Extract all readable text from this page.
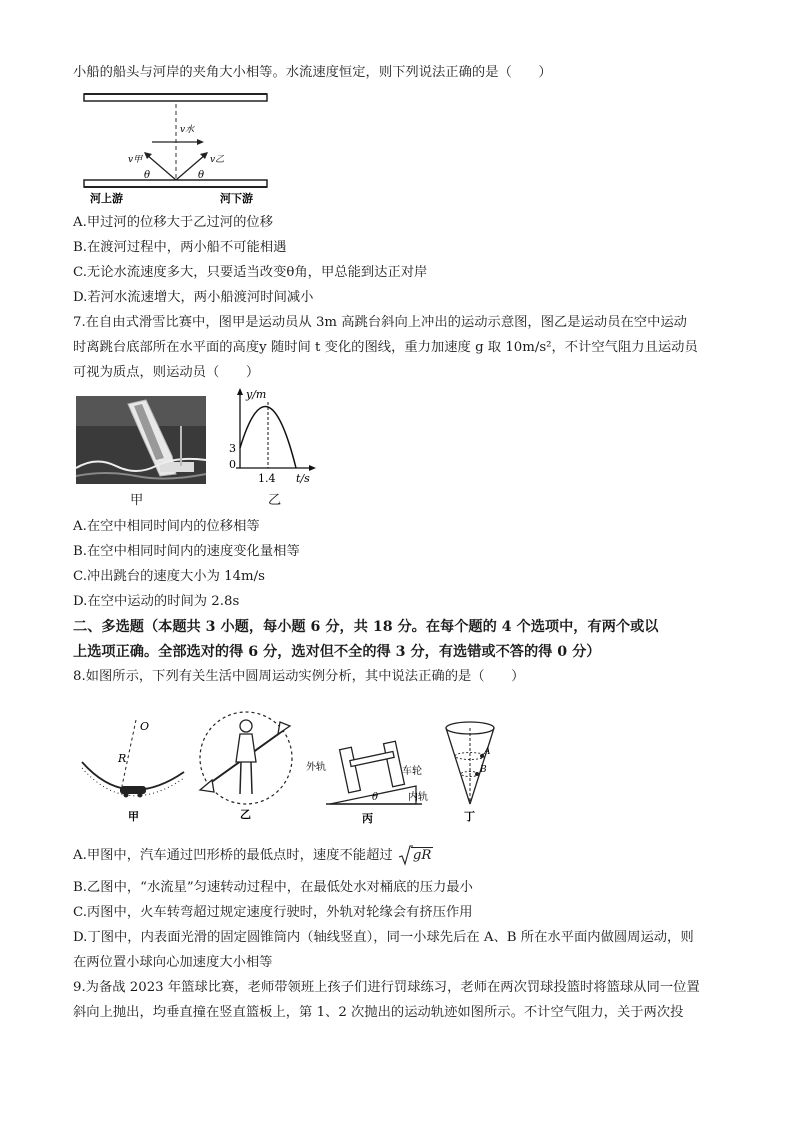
小船的船头与河岸的夹角大小相等。水流速度恒定，则下列说法正确的是（　　）
v水
v甲	v乙
θ	θ
河上游	河下游
A.甲过河的位移大于乙过河的位移
B.在渡河过程中，两小船不可能相遇
C.无论水流速度多大，只要适当改变θ角，甲总能到达正对岸
D.若河水流速增大，两小船渡河时间减小
7.在自由式滑雪比赛中，图甲是运动员从 3m 高跳台斜向上冲出的运动示意图，图乙是运动员在空中运动
时离跳台底部所在水平面的高度y 随时间 t 变化的图线，重力加速度 g 取 10m/s²，不计空气阻力且运动员
可视为质点，则运动员（　　）
甲
y/m
t/s
3
0
1.4
乙
A.在空中相同时间内的位移相等
B.在空中相同时间内的速度变化量相等
C.冲出跳台的速度大小为 14m/s
D.在空中运动的时间为 2.8s
二、多选题（本题共 3 小题，每小题 6 分，共 18 分。在每个题的 4 个选项中，有两个或以
上选项正确。全部选对的得 6 分，选对但不全的得 3 分，有选错或不答的得 0 分）
8.如图所示，下列有关生活中圆周运动实例分析，其中说法正确的是（　　）
O
R
甲	乙
外轨	车轮
内轨
θ
丙
A
B
丁
A.甲图中，汽车通过凹形桥的最低点时，速度不能超过 gR
B.乙图中，“水流星”匀速转动过程中，在最低处水对桶底的压力最小
C.丙图中，火车转弯超过规定速度行驶时，外轨对轮缘会有挤压作用
D.丁图中，内表面光滑的固定圆锥筒内（轴线竖直），同一小球先后在 A、B 所在水平面内做圆周运动，则
在两位置小球向心加速度大小相等
9.为备战 2023 年篮球比赛，老师带领班上孩子们进行罚球练习，老师在两次罚球投篮时将篮球从同一位置
斜向上抛出，均垂直撞在竖直篮板上，第 1、2 次抛出的运动轨迹如图所示。不计空气阻力，关于两次投
